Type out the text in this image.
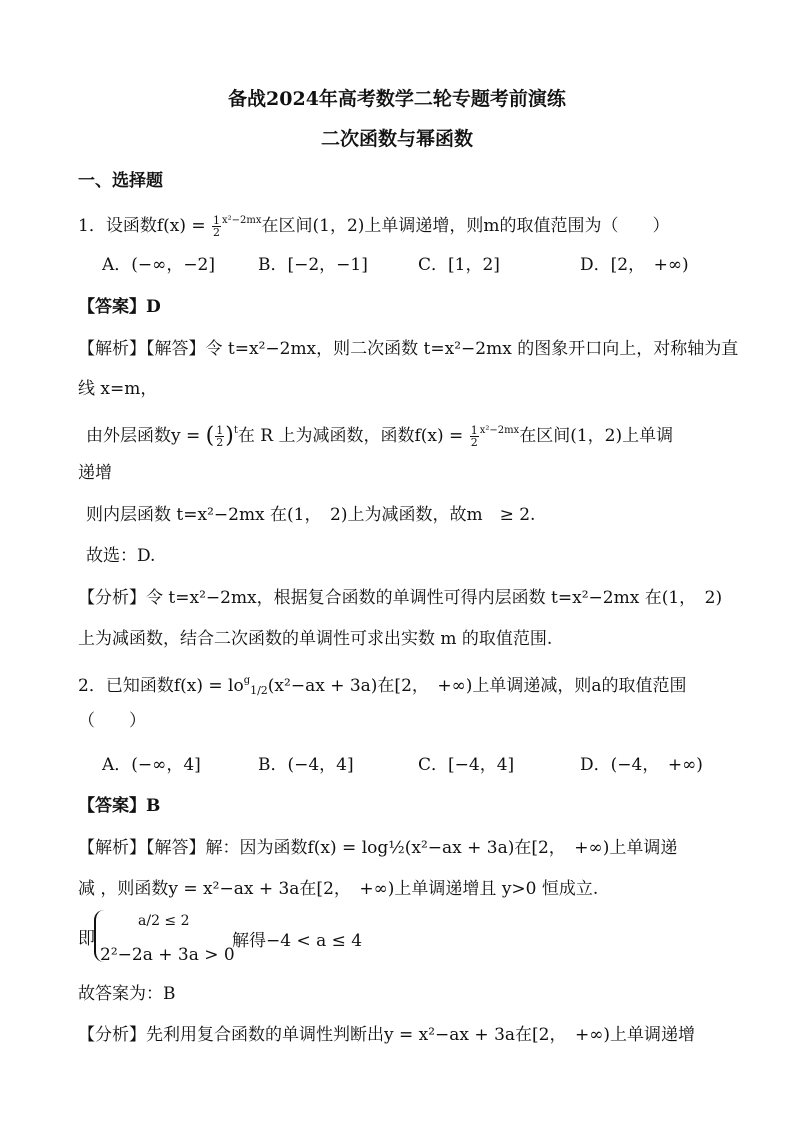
备战2024年高考数学二轮专题考前演练
二次函数与幂函数
一、选择题
1．设函数$f(x) = \frac{1}{2} ^{x^2-2mx}$在区间(1，2)上单调递增，则m的取值范围为（　　）
A．(−∞，−2]	B．[−2，−1]	C．[1，2]	D．[2，　+∞)
【答案】D
【解析】【解答】令 t=x²−2mx，则二次函数 t=x²−2mx 的图象开口向上，对称轴为直
线 x=m，
由外层函数y = ( $\frac{1}{2} )^t$在 R 上为减函数，函数$f(x) = \frac{1}{2} ^{x^2-2mx}$在区间(1，2)上单调
递增
则内层函数 t=x²−2mx 在(1，　2)上为减函数，故m　≥ 2.
故选：D.
【分析】令 t=x²−2mx，根据复合函数的单调性可得内层函数 t=x²−2mx 在(1，　2)
上为减函数，结合二次函数的单调性可求出实数 m 的取值范围.
2．已知函数$f(x) = lo^g_{1/2}(x^2-ax + 3a)$在[2，　+∞)上单调递减，则a的取值范围
（　　）
A．(−∞，4]	B．(−4，4]	C．[−4，4]	D．(−4，　+∞)
【答案】B
【解析】【解答】解：因为函数f(x) = log½(x²−ax + 3a)在[2，　+∞)上单调递
减 ，则函数y = x²−ax + 3a在[2，　+∞)上单调递增且 y>0 恒成立.
即
a/2 ≤ 2
2²−2a + 3a > 0
解得−4 < a ≤ 4
故答案为：B
【分析】先利用复合函数的单调性判断出y = x²−ax + 3a在[2，　+∞)上单调递增
